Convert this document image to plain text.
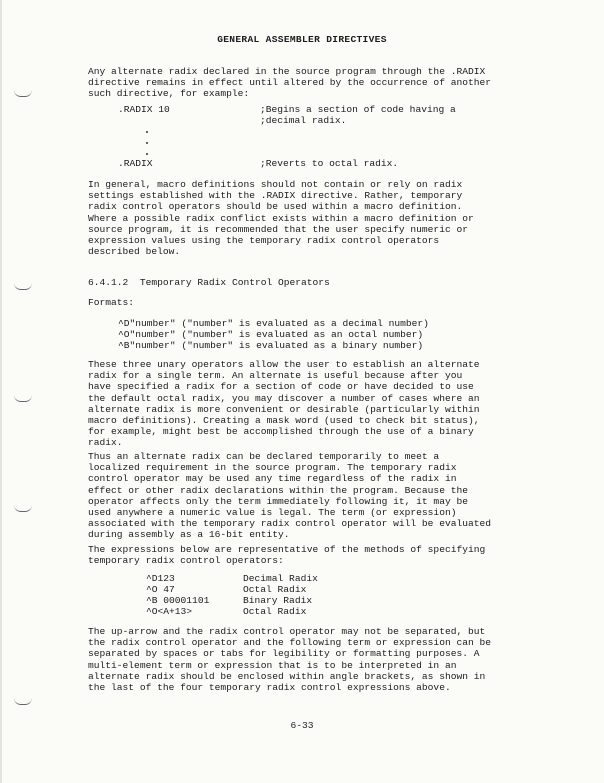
GENERAL ASSEMBLER DIRECTIVES
Any alternate radix declared in the source program through the .RADIX
directive remains in effect until altered by the occurrence of another
such directive, for example:
.RADIX 10	;Begins a section of code having a
;decimal radix.
.RADIX	;Reverts to octal radix.
In general, macro definitions should not contain or rely on radix
settings established with the .RADIX directive. Rather, temporary
radix control operators should be used within a macro definition.
Where a possible radix conflict exists within a macro definition or
source program, it is recommended that the user specify numeric or
expression values using the temporary radix control operators
described below.
6.4.1.2 Temporary Radix Control Operators
Formats:
^D"number" ("number" is evaluated as a decimal number)
^O"number" ("number" is evaluated as an octal number)
^B"number" ("number" is evaluated as a binary number)
These three unary operators allow the user to establish an alternate
radix for a single term. An alternate is useful because after you
have specified a radix for a section of code or have decided to use
the default octal radix, you may discover a number of cases where an
alternate radix is more convenient or desirable (particularly within
macro definitions). Creating a mask word (used to check bit status),
for example, might best be accomplished through the use of a binary
radix.
Thus an alternate radix can be declared temporarily to meet a
localized requirement in the source program. The temporary radix
control operator may be used any time regardless of the radix in
effect or other radix declarations within the program. Because the
operator affects only the term immediately following it, it may be
used anywhere a numeric value is legal. The term (or expression)
associated with the temporary radix control operator will be evaluated
during assembly as a 16-bit entity.
The expressions below are representative of the methods of specifying
temporary radix control operators:
^D123	Decimal Radix
^O 47	Octal Radix
^B 00001101	Binary Radix
^O<A+13>	Octal Radix
The up-arrow and the radix control operator may not be separated, but
the radix control operator and the following term or expression can be
separated by spaces or tabs for legibility or formatting purposes. A
multi-element term or expression that is to be interpreted in an
alternate radix should be enclosed within angle brackets, as shown in
the last of the four temporary radix control expressions above.
6-33
